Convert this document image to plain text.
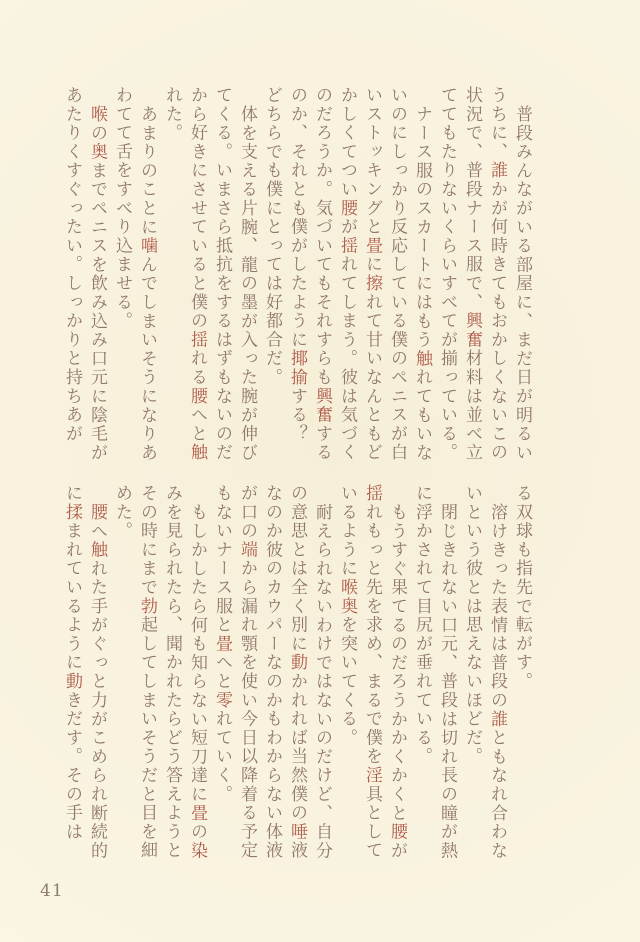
普段みんながいる部屋に、まだ日が明るいうちに、誰かが何時きてもおかしくないこの状況で、普段ナース服で、興奮材料は並べ立ててもたりないくらいすべてが揃っている。

ナース服のスカートにはもう触れてもいないのにしっかり反応している僕のペニスが白いストッキングと畳に擦れて甘いなんともどかしくてつい腰が揺れてしまう。彼は気づくのだろうか。気づいてもそれすらも興奮するのか、それとも僕がしたように揶揄する？　どちらでも僕にとっては好都合だ。

体を支える片腕、龍の墨が入った腕が伸びてくる。いまさら抵抗をするはずもないのだから好きにさせていると僕の揺れる腰へと触れた。

あまりのことに噛んでしまいそうになりあわてて舌をすべり込ませる。

喉の奥までペニスを飲み込み口元に陰毛があたりくすぐったい。しっかりと持ちあが

る双球も指先で転がす。

溶けきった表情は普段の誰ともなれ合わないという彼とは思えないほどだ。

閉じきれない口元、普段は切れ長の瞳が熱に浮かされて目尻が垂れている。

もうすぐ果てるのだろうかかくかくと腰が揺れもっと先を求め、まるで僕を淫具としているように喉奥を突いてくる。

耐えられないわけではないのだけど、自分の意思とは全く別に動かれれば当然僕の唾液なのか彼のカウパーなのかもわからない体液が口の端から漏れ顎を使い今日以降着る予定もないナース服と畳へと零れていく。

もしかしたら何も知らない短刀達に畳の染みを見られたら、聞かれたらどう答えようとその時にまで勃起してしまいそうだと目を細めた。

腰へ触れた手がぐっと力がこめられ断続的に揉まれているように動きだす。その手は

41
